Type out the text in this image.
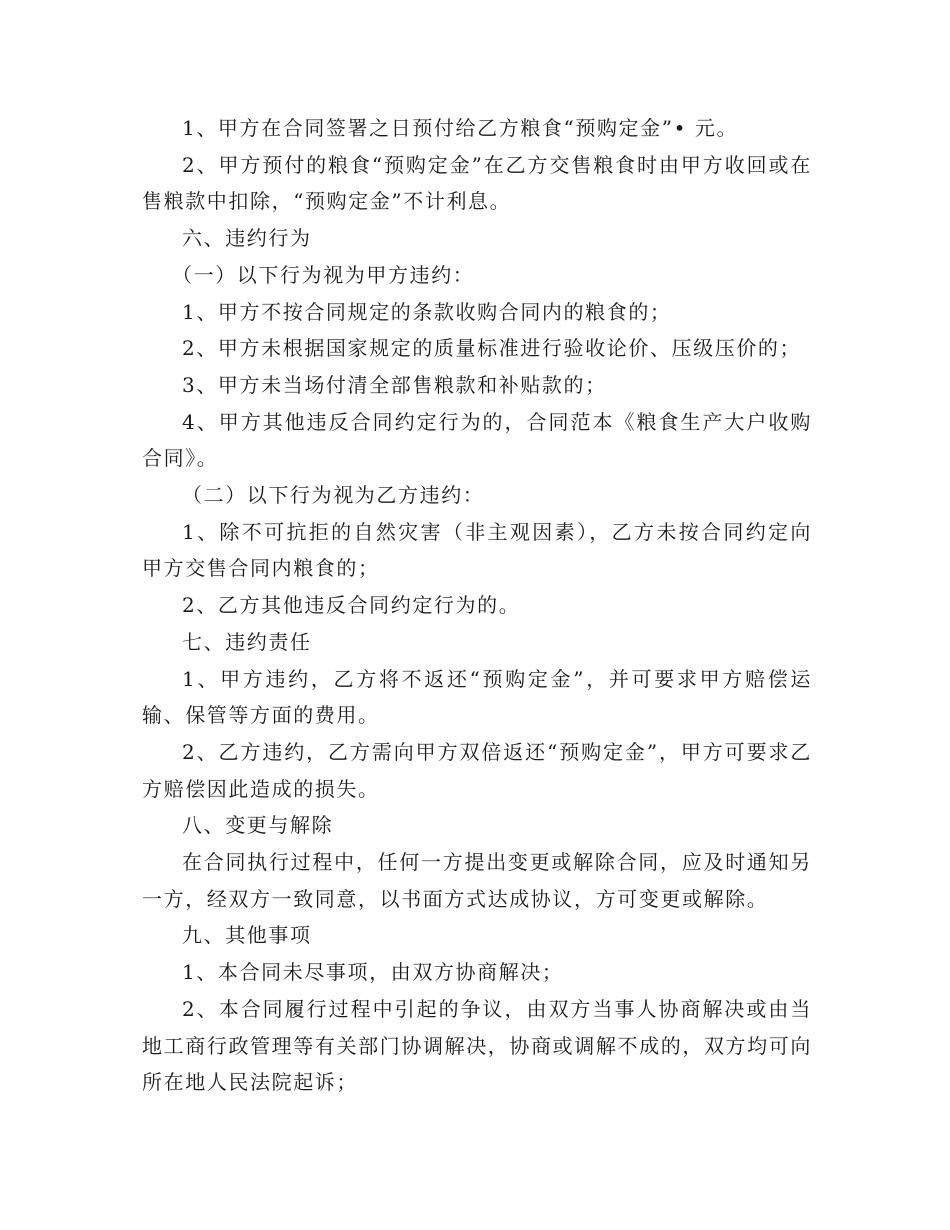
1、甲方在合同签署之日预付给乙方粮食“预购定金”• 元。

2、甲方预付的粮食“预购定金”在乙方交售粮食时由甲方收回或在售粮款中扣除，“预购定金”不计利息。

六、违约行为

（一）以下行为视为甲方违约：

1、甲方不按合同规定的条款收购合同内的粮食的；

2、甲方未根据国家规定的质量标准进行验收论价、压级压价的；

3、甲方未当场付清全部售粮款和补贴款的；

4、甲方其他违反合同约定行为的，合同范本《粮食生产大户收购合同》。

（二）以下行为视为乙方违约：

1、除不可抗拒的自然灾害（非主观因素），乙方未按合同约定向甲方交售合同内粮食的；

2、乙方其他违反合同约定行为的。

七、违约责任

1、甲方违约，乙方将不返还“预购定金”，并可要求甲方赔偿运输、保管等方面的费用。

2、乙方违约，乙方需向甲方双倍返还“预购定金”，甲方可要求乙方赔偿因此造成的损失。

八、变更与解除

在合同执行过程中，任何一方提出变更或解除合同，应及时通知另一方，经双方一致同意，以书面方式达成协议，方可变更或解除。

九、其他事项

1、本合同未尽事项，由双方协商解决；

2、本合同履行过程中引起的争议，由双方当事人协商解决或由当地工商行政管理等有关部门协调解决，协商或调解不成的，双方均可向所在地人民法院起诉；
